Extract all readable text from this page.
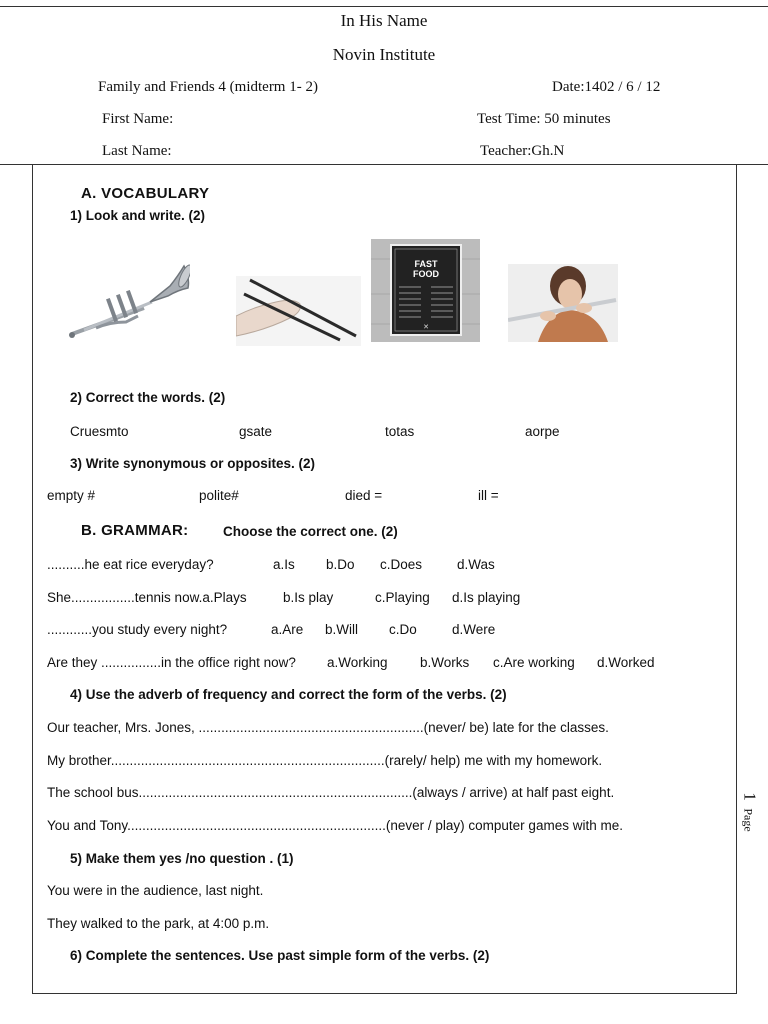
In His Name
Novin Institute
Family and Friends 4 (midterm 1- 2)	Date:1402 / 6 / 12
First Name:	Test Time: 50 minutes
Last Name:	Teacher:Gh.N
A. VOCABULARY
1) Look and write. (2)
FAST
FOOD
✕
2) Correct the words. (2)
Cruesmto	gsate	totas	aorpe
3) Write synonymous or opposites. (2)
empty #	polite#	died =	ill =
B. GRAMMAR:	Choose the correct one. (2)
..........he eat rice everyday?	a.Is b.Do c.Does	d.Was
She.................tennis now.a.Plays	b.Is play	c.Playing d.Is playing
............you study every night?	a.Are b.Will c.Do	d.Were
Are they ................in the office right now? a.Working b.Works c.Are working d.Worked
4) Use the adverb of frequency and correct the form of the verbs. (2)
Our teacher, Mrs. Jones, ............................................................(never/ be) late for the classes.
My brother.........................................................................(rarely/ help) me with my homework.
The school bus.........................................................................(always / arrive) at half past eight.
You and Tony.....................................................................(never / play) computer games with me.
5) Make them yes /no question . (1)
You were in the audience, last night.
They walked to the park, at 4:00 p.m.
6) Complete the sentences. Use past simple form of the verbs. (2)
1 Page
